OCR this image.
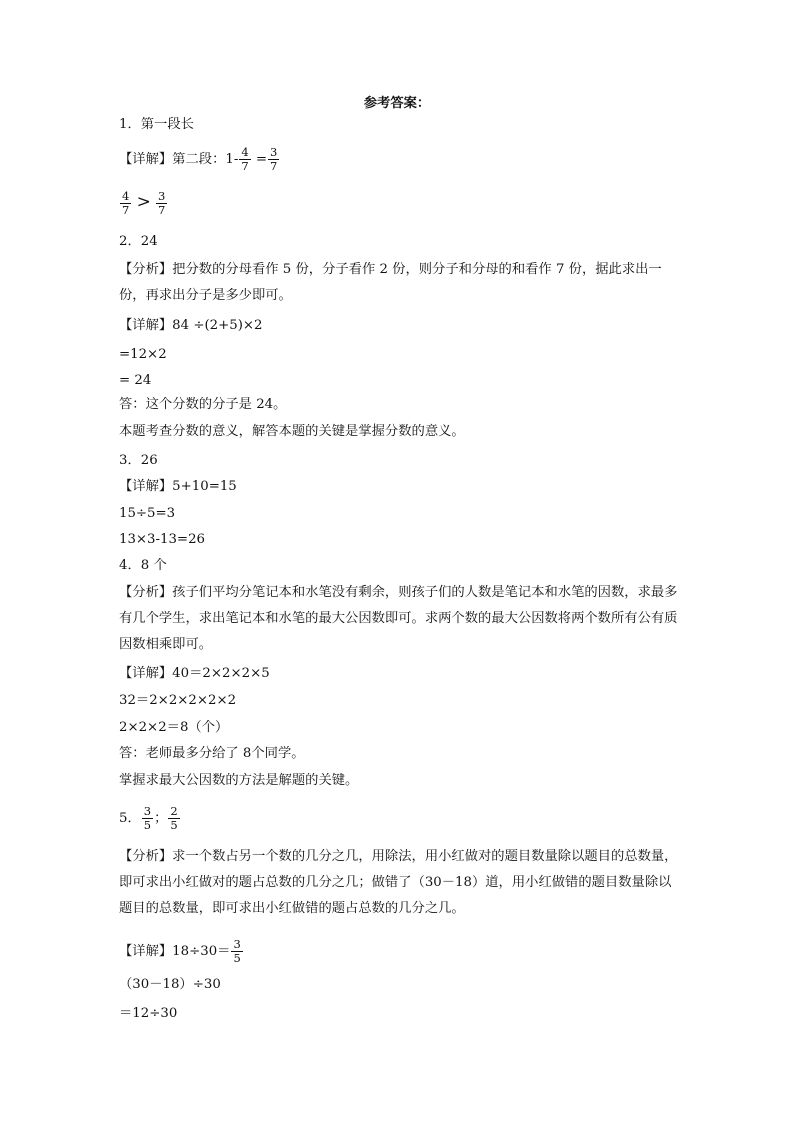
参考答案：
1．第一段长
【详解】第二段：$1- \frac{4}{7} = \frac{3}{7}$
$\frac{4}{7} > \frac{3}{7}$
2．24
【分析】把分数的分母看作 5 份，分子看作 2 份，则分子和分母的和看作 7 份，据此求出一份，再求出分子是多少即可。
【详解】84 ÷(2+5)×2
=12×2
= 24
答：这个分数的分子是 24。
本题考查分数的意义，解答本题的关键是掌握分数的意义。
3．26
【详解】5+10=15
15÷5=3
13×3-13=26
4．8 个
【分析】孩子们平均分笔记本和水笔没有剩余，则孩子们的人数是笔记本和水笔的因数，求最多有几个学生，求出笔记本和水笔的最大公因数即可。求两个数的最大公因数将两个数所有公有质因数相乘即可。
【详解】40＝2×2×2×5
32＝2×2×2×2×2
2×2×2＝8（个）
答：老师最多分给了 8个同学。
掌握求最大公因数的方法是解题的关键。
5． $\frac{3}{5}$ ； $\frac{2}{5}$
【分析】求一个数占另一个数的几分之几，用除法，用小红做对的题目数量除以题目的总数量，即可求出小红做对的题占总数的几分之几；做错了（30－18）道，用小红做错的题目数量除以题目的总数量，即可求出小红做错的题占总数的几分之几。
【详解】$18\div 30= \frac{3}{5}$
（30－18）÷30
＝12÷30
